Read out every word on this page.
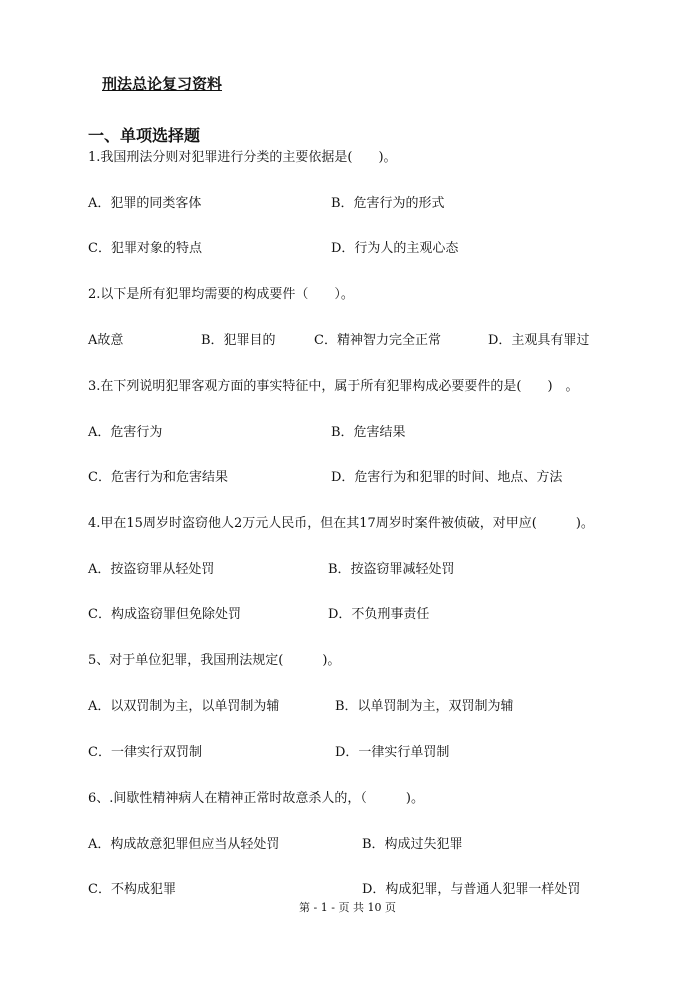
刑法总论复习资料
一、单项选择题
1.我国刑法分则对犯罪进行分类的主要依据是(　　)。
A．犯罪的同类客体	B．危害行为的形式
C．犯罪对象的特点	D．行为人的主观心态
2.以下是所有犯罪均需要的构成要件（　　）。
A故意	B．犯罪目的	C．精神智力完全正常	D．主观具有罪过
3.在下列说明犯罪客观方面的事实特征中，属于所有犯罪构成必要要件的是(　　)　。
A．危害行为	B．危害结果
C．危害行为和危害结果	D．危害行为和犯罪的时间、地点、方法
4.甲在15周岁时盗窃他人2万元人民币，但在其17周岁时案件被侦破，对甲应(　　　)。
A．按盗窃罪从轻处罚	B．按盗窃罪减轻处罚
C．构成盗窃罪但免除处罚	D．不负刑事责任
5、对于单位犯罪，我国刑法规定(　　　)。
A．以双罚制为主，以单罚制为辅	B．以单罚制为主，双罚制为辅
C．一律实行双罚制	D．一律实行单罚制
6、.间歇性精神病人在精神正常时故意杀人的，（　　　)。
A．构成故意犯罪但应当从轻处罚	B．构成过失犯罪
C．不构成犯罪	D．构成犯罪，与普通人犯罪一样处罚
第 - 1 - 页 共 10 页
